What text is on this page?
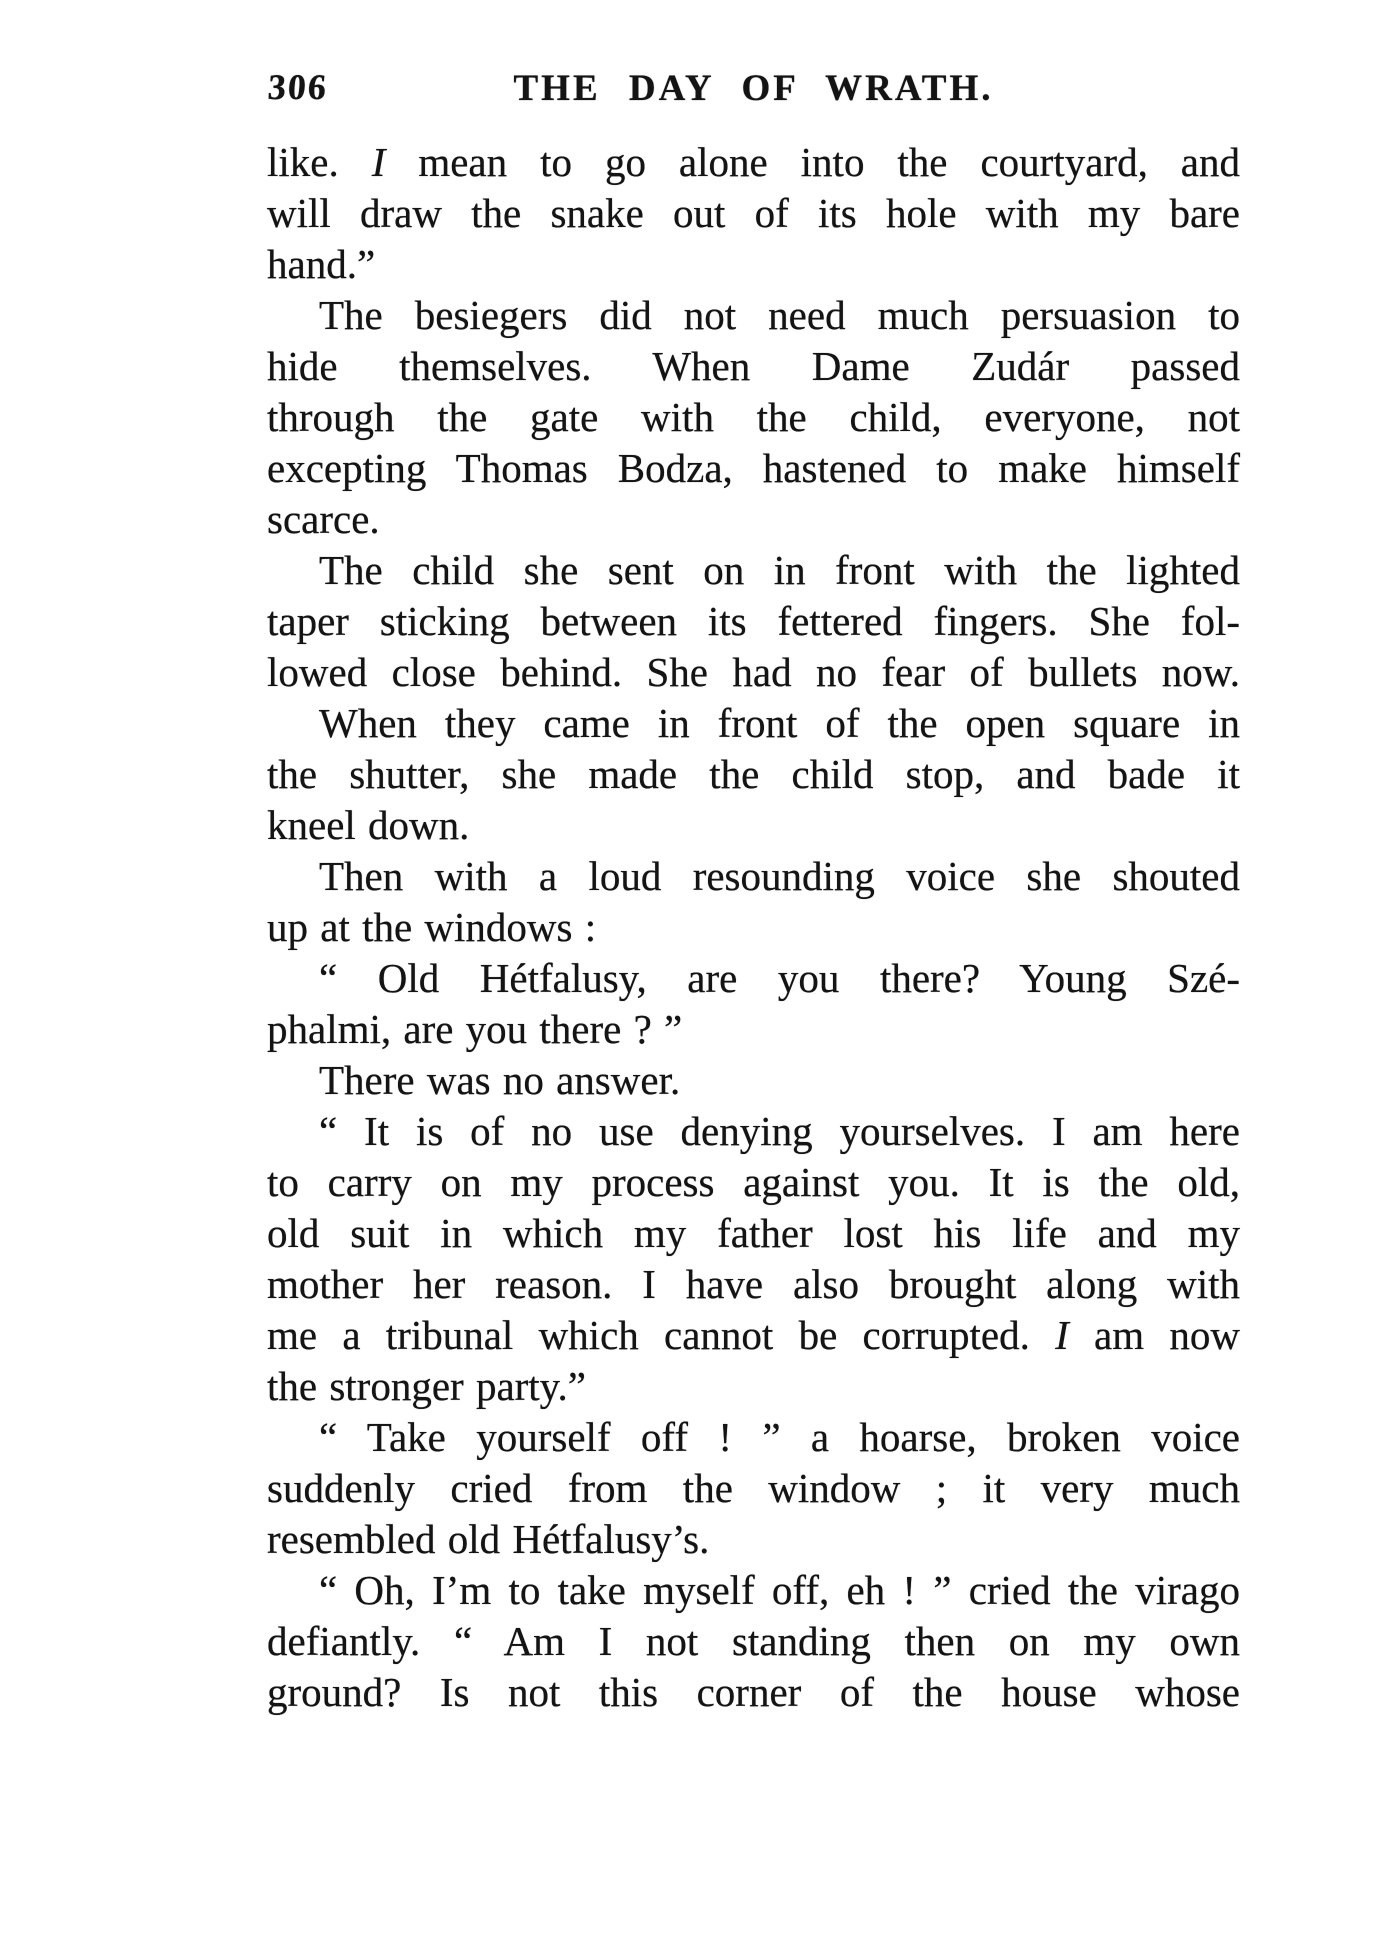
306	THE DAY OF WRATH.
like. I mean to go alone into the courtyard, and
will draw the snake out of its hole with my bare
hand.”
The besiegers did not need much persuasion to
hide themselves. When Dame Zudár passed
through the gate with the child, everyone, not
excepting Thomas Bodza, hastened to make himself
scarce.
The child she sent on in front with the lighted
taper sticking between its fettered fingers. She fol-
lowed close behind. She had no fear of bullets now.
When they came in front of the open square in
the shutter, she made the child stop, and bade it
kneel down.
Then with a loud resounding voice she shouted
up at the windows :
“ Old Hétfalusy, are you there? Young Szé-
phalmi, are you there ? ”
There was no answer.
“ It is of no use denying yourselves. I am here
to carry on my process against you. It is the old,
old suit in which my father lost his life and my
mother her reason. I have also brought along with
me a tribunal which cannot be corrupted. I am now
the stronger party.”
“ Take yourself off ! ” a hoarse, broken voice
suddenly cried from the window ; it very much
resembled old Hétfalusy’s.
“ Oh, I’m to take myself off, eh ! ” cried the virago
defiantly. “ Am I not standing then on my own
ground? Is not this corner of the house whose
